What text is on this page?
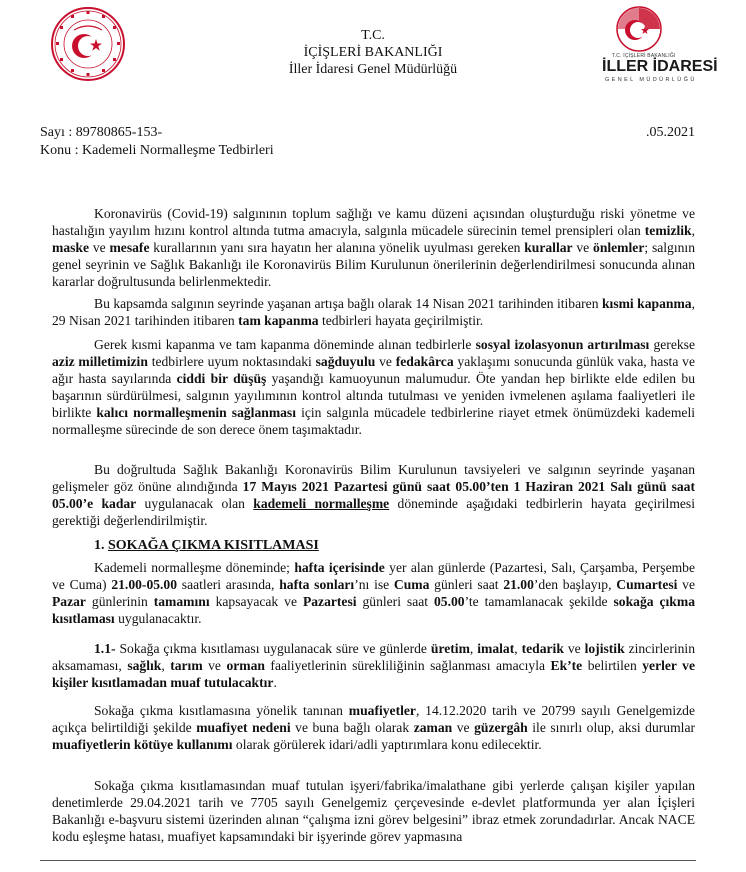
T.C. İÇİŞLERİ BAKANLIĞI
İLLER İDARESİ
GENEL MÜDÜRLÜĞÜ
T.C.
İÇİŞLERİ BAKANLIĞI
İller İdaresi Genel Müdürlüğü
Sayı : 89780865-153-	.05.2021
Konu : Kademeli Normalleşme Tedbirleri

Koronavirüs (Covid-19) salgınının toplum sağlığı ve kamu düzeni açısından oluşturduğu riski yönetme ve hastalığın yayılım hızını kontrol altında tutma amacıyla, salgınla mücadele sürecinin temel prensipleri olan temizlik, maske ve mesafe kurallarının yanı sıra hayatın her alanına yönelik uyulması gereken kurallar ve önlemler; salgının genel seyrinin ve Sağlık Bakanlığı ile Koronavirüs Bilim Kurulunun önerilerinin değerlendirilmesi sonucunda alınan kararlar doğrultusunda belirlenmektedir.

Bu kapsamda salgının seyrinde yaşanan artışa bağlı olarak 14 Nisan 2021 tarihinden itibaren kısmi kapanma, 29 Nisan 2021 tarihinden itibaren tam kapanma tedbirleri hayata geçirilmiştir.

Gerek kısmi kapanma ve tam kapanma döneminde alınan tedbirlerle sosyal izolasyonun artırılması gerekse aziz milletimizin tedbirlere uyum noktasındaki sağduyulu ve fedakârca yaklaşımı sonucunda günlük vaka, hasta ve ağır hasta sayılarında ciddi bir düşüş yaşandığı kamuoyunun malumudur. Öte yandan hep birlikte elde edilen bu başarının sürdürülmesi, salgının yayılımının kontrol altında tutulması ve yeniden ivmelenen aşılama faaliyetleri ile birlikte kalıcı normalleşmenin sağlanması için salgınla mücadele tedbirlerine riayet etmek önümüzdeki kademeli normalleşme sürecinde de son derece önem taşımaktadır.

Bu doğrultuda Sağlık Bakanlığı Koronavirüs Bilim Kurulunun tavsiyeleri ve salgının seyrinde yaşanan gelişmeler göz önüne alındığında 17 Mayıs 2021 Pazartesi günü saat 05.00’ten 1 Haziran 2021 Salı günü saat 05.00’e kadar uygulanacak olan kademeli normalleşme döneminde aşağıdaki tedbirlerin hayata geçirilmesi gerektiği değerlendirilmiştir.

1. SOKAĞA ÇIKMA KISITLAMASI

Kademeli normalleşme döneminde; hafta içerisinde yer alan günlerde (Pazartesi, Salı, Çarşamba, Perşembe ve Cuma) 21.00-05.00 saatleri arasında, hafta sonları’nı ise Cuma günleri saat 21.00’den başlayıp, Cumartesi ve Pazar günlerinin tamamını kapsayacak ve Pazartesi günleri saat 05.00’te tamamlanacak şekilde sokağa çıkma kısıtlaması uygulanacaktır.

1.1- Sokağa çıkma kısıtlaması uygulanacak süre ve günlerde üretim, imalat, tedarik ve lojistik zincirlerinin aksamaması, sağlık, tarım ve orman faaliyetlerinin sürekliliğinin sağlanması amacıyla Ek’te belirtilen yerler ve kişiler kısıtlamadan muaf tutulacaktır.

Sokağa çıkma kısıtlamasına yönelik tanınan muafiyetler, 14.12.2020 tarih ve 20799 sayılı Genelgemizde açıkça belirtildiği şekilde muafiyet nedeni ve buna bağlı olarak zaman ve güzergâh ile sınırlı olup, aksi durumlar muafiyetlerin kötüye kullanımı olarak görülerek idari/adli yaptırımlara konu edilecektir.

Sokağa çıkma kısıtlamasından muaf tutulan işyeri/fabrika/imalathane gibi yerlerde çalışan kişiler yapılan denetimlerde 29.04.2021 tarih ve 7705 sayılı Genelgemiz çerçevesinde e-devlet platformunda yer alan İçişleri Bakanlığı e-başvuru sistemi üzerinden alınan “çalışma izni görev belgesini” ibraz etmek zorundadırlar. Ancak NACE kodu eşleşme hatası, muafiyet kapsamındaki bir işyerinde görev yapmasına
